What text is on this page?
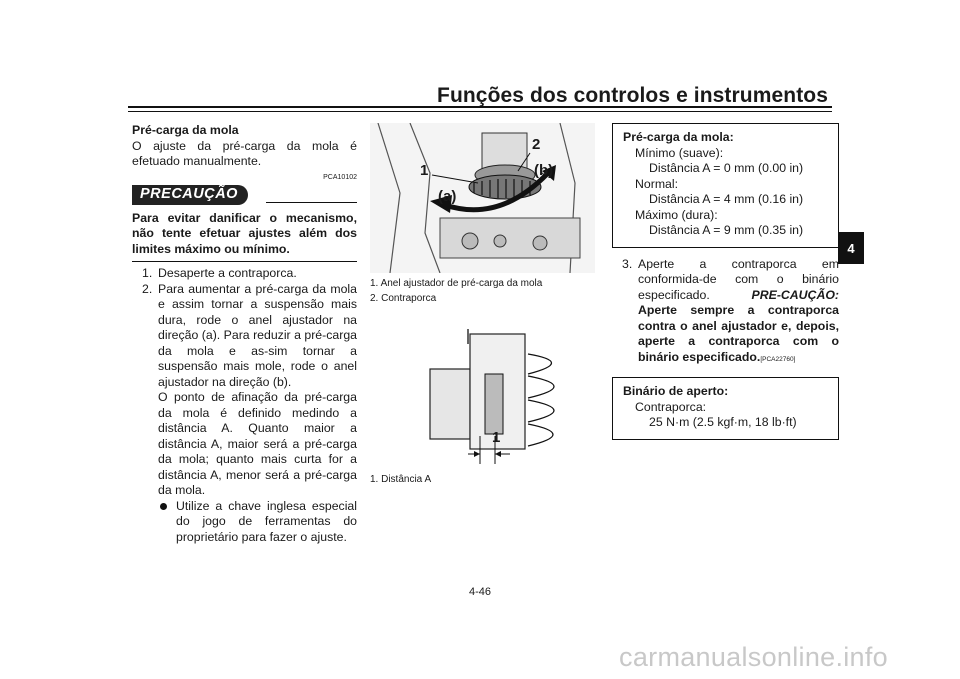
Funções dos controlos e instrumentos
4
Pré-carga da mola
O ajuste da pré-carga da mola é efetuado manualmente.
PCA10102
PRECAUÇÃO
Para evitar danificar o mecanismo, não tente efetuar ajustes além dos limites máximo ou mínimo.
1. Desaperte a contraporca.
2. Para aumentar a pré-carga da mola e assim tornar a suspensão mais dura, rode o anel ajustador na direção (a). Para reduzir a pré-carga da mola e as-sim tornar a suspensão mais mole, rode o anel ajustador na direção (b).
O ponto de afinação da pré-carga da mola é definido medindo a distância A. Quanto maior a distância A, maior será a pré-carga da mola; quanto mais curta for a distância A, menor será a pré-carga da mola.
Utilize a chave inglesa especial do jogo de ferramentas do proprietário para fazer o ajuste.
1
2
(a)
(b)
1. Anel ajustador de pré-carga da mola
2. Contraporca
1
1. Distância A
Pré-carga da mola:
Mínimo (suave):
Distância A = 0 mm (0.00 in)
Normal:
Distância A = 4 mm (0.16 in)
Máximo (dura):
Distância A = 9 mm (0.35 in)
3. Aperte a contraporca em conformida-de com o binário especificado.	PRE-CAUÇÃO: Aperte sempre a contraporca contra o anel ajustador e, depois, aperte a contraporca com o binário especificado.[PCA22760]
Binário de aperto:
Contraporca:
25 N·m (2.5 kgf·m, 18 lb·ft)
4-46
carmanualsonline.info
